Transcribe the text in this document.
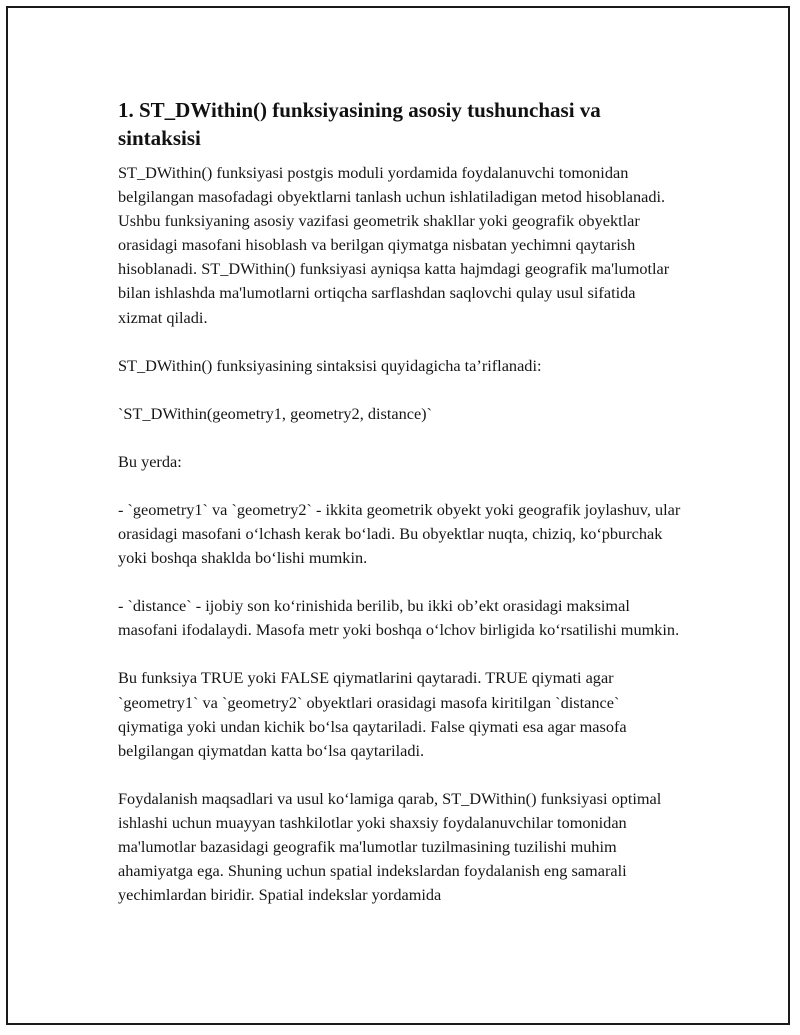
1. ST_DWithin() funksiyasining asosiy tushunchasi va sintaksisi

ST_DWithin() funksiyasi postgis moduli yordamida foydalanuvchi tomonidan belgilangan masofadagi obyektlarni tanlash uchun ishlatiladigan metod hisoblanadi. Ushbu funksiyaning asosiy vazifasi geometrik shakllar yoki geografik obyektlar orasidagi masofani hisoblash va berilgan qiymatga nisbatan yechimni qaytarish hisoblanadi. ST_DWithin() funksiyasi ayniqsa katta hajmdagi geografik ma'lumotlar bilan ishlashda ma'lumotlarni ortiqcha sarflashdan saqlovchi qulay usul sifatida xizmat qiladi.

ST_DWithin() funksiyasining sintaksisi quyidagicha ta’riflanadi:

`ST_DWithin(geometry1, geometry2, distance)`

Bu yerda:

- `geometry1` va `geometry2` - ikkita geometrik obyekt yoki geografik joylashuv, ular orasidagi masofani oʻlchash kerak boʻladi. Bu obyektlar nuqta, chiziq, koʻpburchak yoki boshqa shaklda boʻlishi mumkin.

- `distance` - ijobiy son koʻrinishida berilib, bu ikki ob’ekt orasidagi maksimal masofani ifodalaydi. Masofa metr yoki boshqa oʻlchov birligida koʻrsatilishi mumkin.

Bu funksiya TRUE yoki FALSE qiymatlarini qaytaradi. TRUE qiymati agar `geometry1` va `geometry2` obyektlari orasidagi masofa kiritilgan `distance` qiymatiga yoki undan kichik boʻlsa qaytariladi. False qiymati esa agar masofa belgilangan qiymatdan katta boʻlsa qaytariladi.

Foydalanish maqsadlari va usul koʻlamiga qarab, ST_DWithin() funksiyasi optimal ishlashi uchun muayyan tashkilotlar yoki shaxsiy foydalanuvchilar tomonidan ma'lumotlar bazasidagi geografik ma'lumotlar tuzilmasining tuzilishi muhim ahamiyatga ega. Shuning uchun spatial indekslardan foydalanish eng samarali yechimlardan biridir. Spatial indekslar yordamida
